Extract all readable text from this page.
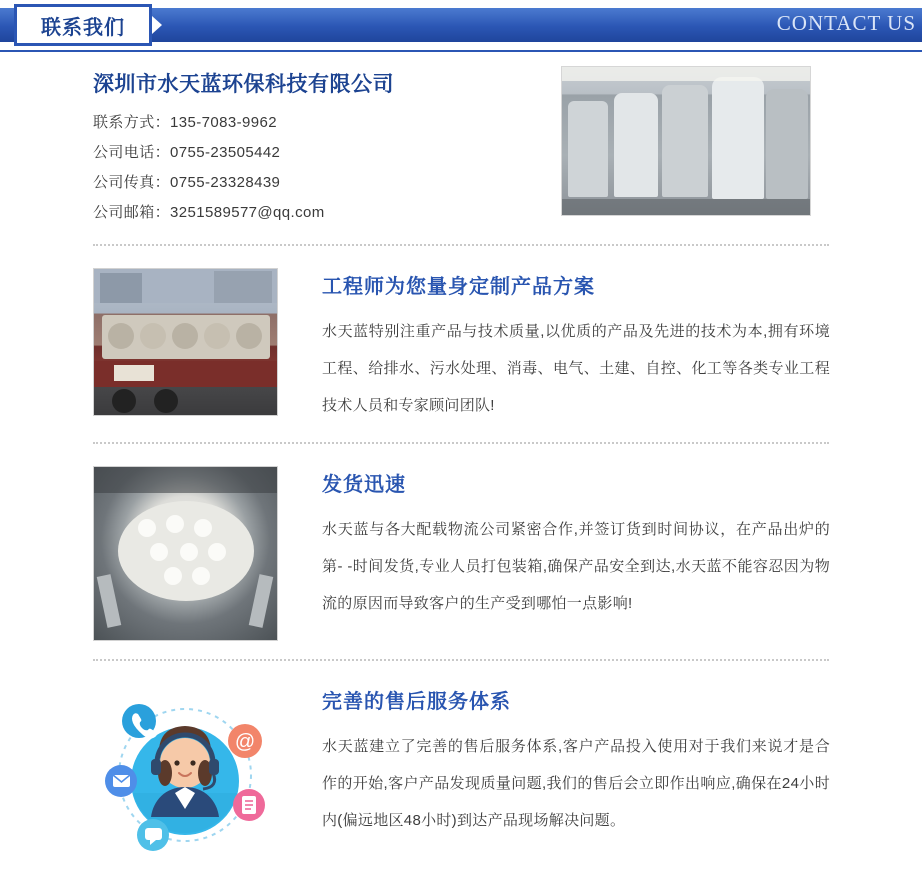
联系我们	CONTACT US
深圳市水天蓝环保科技有限公司
联系方式：135-7083-9962
公司电话：0755-23505442
公司传真：0755-23328439
公司邮箱：3251589577@qq.com
工程师为您量身定制产品方案
水天蓝特别注重产品与技术质量,以优质的产品及先进的技术为本,拥有环境工程、给排水、污水处理、消毒、电气、土建、自控、化工等各类专业工程技术人员和专家顾问团队!
发货迅速
水天蓝与各大配载物流公司紧密合作,并签订货到时间协议，在产品出炉的第- -时间发货,专业人员打包装箱,确保产品安全到达,水天蓝不能容忍因为物流的原因而导致客户的生产受到哪怕一点影响!
@
完善的售后服务体系
水天蓝建立了完善的售后服务体系,客户产品投入使用对于我们来说才是合作的开始,客户产品发现质量问题,我们的售后会立即作出响应,确保在24小时内(偏远地区48小时)到达产品现场解决问题。
